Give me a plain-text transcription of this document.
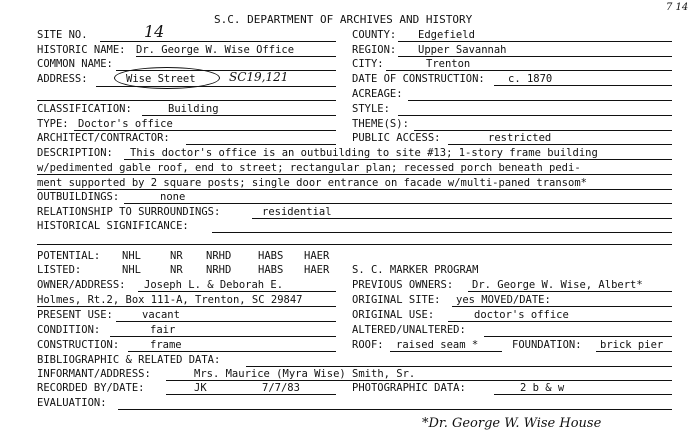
7 14
S.C. DEPARTMENT OF ARCHIVES AND HISTORY
SITE NO.	14	COUNTY: Edgefield
HISTORIC NAME: Dr. George W. Wise Office	REGION: Upper Savannah
COMMON NAME:	CITY:	Trenton
ADDRESS:	Wise Street	SC19,121	DATE OF CONSTRUCTION: c. 1870
ACREAGE:
CLASSIFICATION:	Building	STYLE:
TYPE: Doctor's office	THEME(S):
ARCHITECT/CONTRACTOR:	PUBLIC ACCESS:	restricted
DESCRIPTION: This doctor's office is an outbuilding to site #13; 1-story frame building
w/pedimented gable roof, end to street; rectangular plan; recessed porch beneath pedi-
ment supported by 2 square posts; single door entrance on facade w/multi-paned transom*
OUTBUILDINGS:	none
RELATIONSHIP TO SURROUNDINGS:	residential
HISTORICAL SIGNIFICANCE:
POTENTIAL: NHL	NR NRHD	HABS HAER
LISTED:	NHL	NR NRHD	HABS HAER S. C. MARKER PROGRAM
OWNER/ADDRESS: Joseph L. & Deborah E.	PREVIOUS OWNERS: Dr. George W. Wise, Albert*
Holmes, Rt.2, Box 111-A, Trenton, SC 29847	ORIGINAL SITE: yes MOVED/DATE:
PRESENT USE:	vacant	ORIGINAL USE:	doctor's office
CONDITION:	fair	ALTERED/UNALTERED:
CONSTRUCTION:	frame	ROOF: raised seam *	FOUNDATION: brick pier
BIBLIOGRAPHIC & RELATED DATA:
INFORMANT/ADDRESS:	Mrs. Maurice (Myra Wise) Smith, Sr.
RECORDED BY/DATE:	JK	7/7/83	PHOTOGRAPHIC DATA:	2 b & w
EVALUATION:
*Dr. George W. Wise House
